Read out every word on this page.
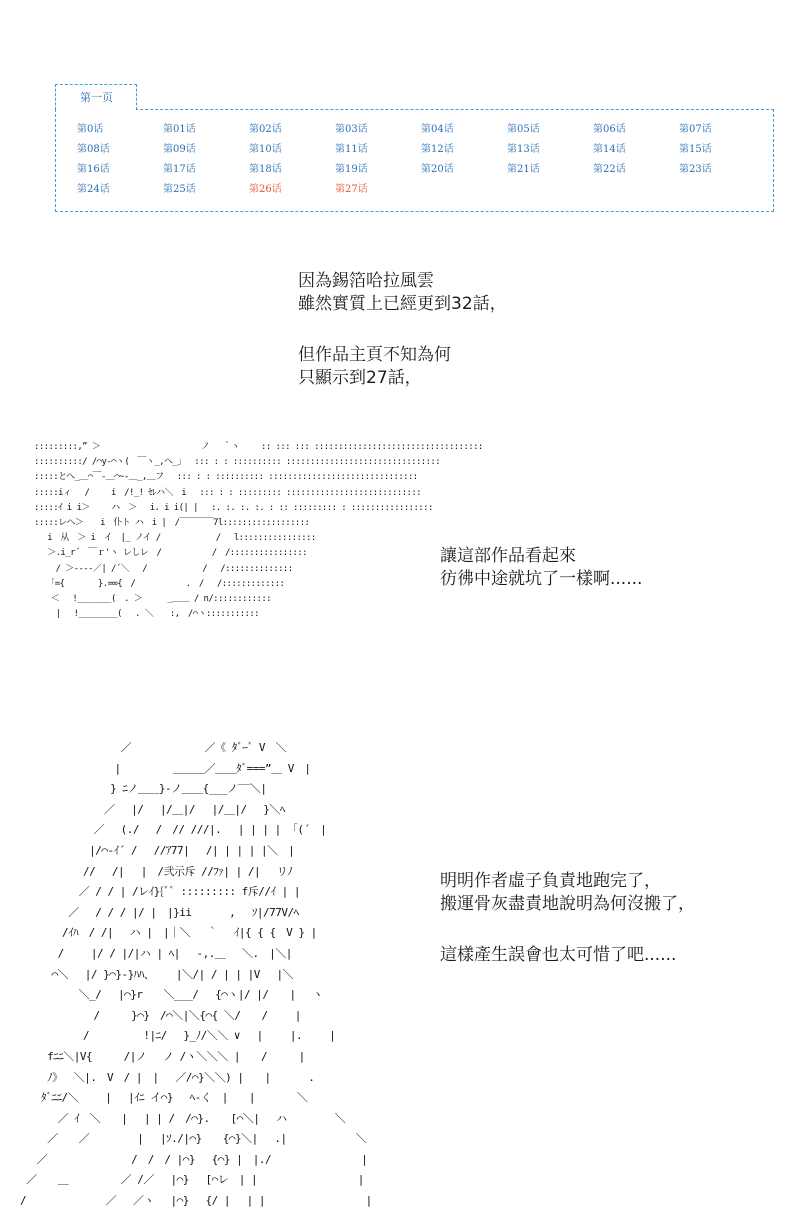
第一页
第0话	第01话	第02话	第03话	第04话	第05话	第06话	第07话
第08话	第09话	第10话	第11话	第12话	第13话	第14话	第15话
第16话	第17话	第18话	第19话	第20话	第21话	第22话	第23话
第24话	第25话	第26话	第27话
因為錫箔哈拉風雲
雖然實質上已經更到32話，
但作品主頁不知為何
只顯示到27話，
讓這部作品看起來
彷彿中途就坑了一樣啊......
明明作者虛子負責地跑完了，
搬運骨灰盡責地說明為何沒搬了，
這樣產生誤會也太可惜了吧......
:::::::::,” ＞　　　　　　　　　　　　ノ　 ｀ヽ　　 :: ::: ::: :::::::::::::::::::::::::::::::::::
::::::::::/ /⌒y‐⌒ヽ(　￣ヽ_,ヘ_」　 ::: : : :::::::::: ::::::::::::::::::::::::::::::::
:::::とへ_＿⌒￣‐＿⌒~‐＿_,＿フ　 ::: : : :::::::::: :::::::::::::::::::::::::::::::
:::::iィ　 /　　 i　/!_! ｾﾚハ＼　i　 ::: : : ::::::::: ::::::::::::::::::::::::::::
:::::ｲ i i＞　　 ハ　＞　 i. i i(| |　 :. :. :. :. : :: ::::::::: : :::::::::::::::::
:::::レヘ＞　　i　仆ト ハ　i |　/￣￣￣￣7l::::::::::::::::::
　 i　从　＞ i　イ　|_ ノイ /　　　　　　 / 　l::::::::::::::::
　 ＞.i_r´　￣ｒ'ヽ レしレ　/　　　　　　/　/::::::::::::::::
　　 / ＞‐‐‐‐／| /´＼　 /　　　　　　 /　 /::::::::::::::
　　「={　　　　}.=∞{　/　　　　　　.　/　 /:::::::::::::
　　＜　 !_______(　. ＞　　　_＿＿ / n/::::::::::::
　　 |　 !________(　 . ＼　　:,　/⌒ヽ:::::::::::
　　　　　　　　　 ／　　　　　　　／《 ﾀﾞｰﾞ V　＼
　　　　　　　　　|　　　　　＿＿＿／＿＿ﾀﾞ===”＿ V　|
　　　　　　　　 } ﾆノ＿＿}‐ノ＿＿{___ノ‾‾＼|
　　　　　　　　／　 |/　 |/＿|/　 |/＿|/　 }＼ﾍ
　　　　　　　／　 (./　 /　// ///|.　 | | | | 「(´　|
　　　　　　 |/⌒‐ｲ´ /　 //ｱ77|　 /| | | | |＼　|
　　　　　　//　 /|　 |　/弐示斥 //ﾌｧ| | /|　 リﾉ
　　　　　 ／ / / | /レｲ}{ﾞﾞ ::::::::: f斥//ｲ | |
　　　　 ／　 / / / |/ |　|}ii　　　 ,　 ｿ|/77V/ﾍ
　　　　/ｲﾊ　/ /|　 ハ |　|｜＼　 ｀　 ｲ|{ { {　V } |
　　　 /　　 |/ / |/|ハ | ﾍ|　 ‐,.＿　 ＼.　|＼|
　　　⌒＼　 |/ }⌒}-}ﾊﾊ、　　 |＼/| / | | |V　 |＼
　　　　　 ＼_/　 |⌒}r　　＼___/　 {⌒ヽ|/ |/　　|　 ヽ
　　　　　　　/　　　}⌒}　/⌒＼|＼{⌒{ ＼/　　/　　 |
　　　　　　/　　　　  !|ﾆ/　 }_ﾉ/＼＼ ∨　 |　　 |.　　 |
　　 fﾆﾆ＼|V{　　　/|ノ　 ノ /ヽ＼＼＼ |　　/　　　|
　　 ﾉ》　 ＼|.　V　/ |　|　 ／/⌒}＼＼) |　　|　　　 .
　　ﾀﾞﾆﾆ/＼　　 |　 |ｲﾆ イ⌒}　 ﾍ‐く　|　　|　　　　＼
　　　 ／ ｲ　＼　　|　 | | /　/⌒}.　　[⌒＼|　 ハ　　　　 ＼
　　 ／　　／　　　　 |　 |ｿ./|⌒}　　{⌒}＼|　 .|　　　　　　 ＼
　 ／　　　　　　　　/　/　/ |⌒}　 {⌒} |　|./　　　　　　　　 |
／　　＿　　　　　／ /／　 |⌒}　 [⌒レ　| |　　　　　　　　　 |
/　　　　　　　 ／　 ／ヽ　 |⌒}　 {/ |　 | |　　　　　　　　　 |
